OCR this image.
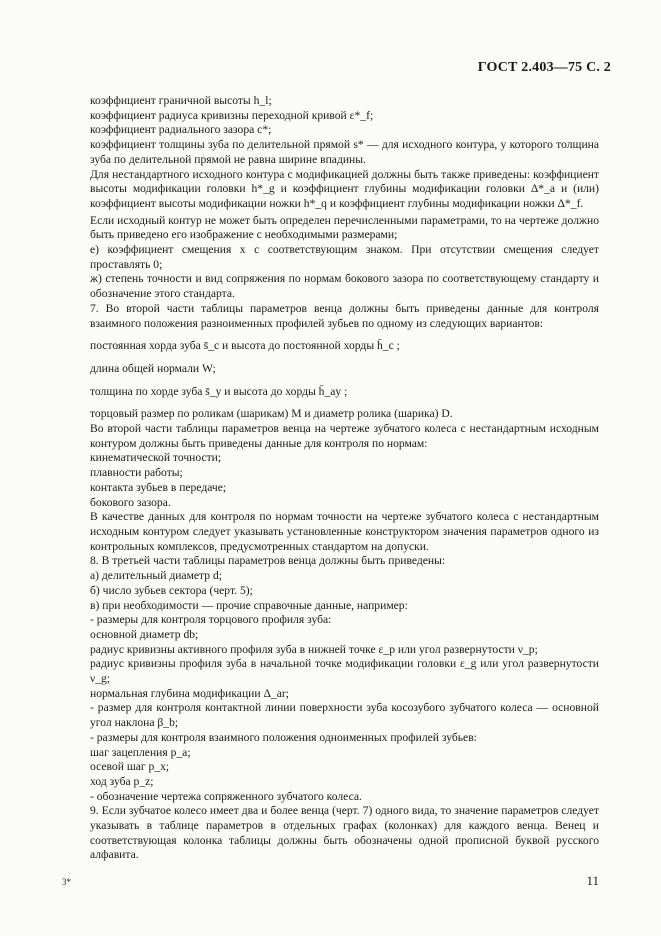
ГОСТ 2.403—75 С. 2

коэффициент граничной высоты h_l;

коэффициент радиуса кривизны переходной кривой ε*_f;

коэффициент радиального зазора c*;

коэффициент толщины зуба по делительной прямой s* — для исходного контура, у которого толщина зуба по делительной прямой не равна ширине впадины.

Для нестандартного исходного контура с модификацией должны быть также приведены: коэффициент высоты модификации головки h*_g и коэффициент глубины модификации головки Δ*_a и (или) коэффициент высоты модификации ножки h*_q и коэффициент глубины модификации ножки Δ*_f.

Если исходный контур не может быть определен перечисленными параметрами, то на чертеже должно быть приведено его изображение с необходимыми размерами;

е) коэффициент смещения x с соответствующим знаком. При отсутствии смещения следует проставлять 0;

ж) степень точности и вид сопряжения по нормам бокового зазора по соответствующему стандарту и обозначение этого стандарта.

7. Во второй части таблицы параметров венца должны быть приведены данные для контроля взаимного положения разноименных профилей зубьев по одному из следующих вариантов:

постоянная хорда зуба s̄_c и высота до постоянной хорды h̄_c ;

длина общей нормали W;

толщина по хорде зуба s̄_y и высота до хорды h̄_ay ;

торцовый размер по роликам (шарикам) M и диаметр ролика (шарика) D.

Во второй части таблицы параметров венца на чертеже зубчатого колеса с нестандартным исходным контуром должны быть приведены данные для контроля по нормам:

кинематической точности;

плавности работы;

контакта зубьев в передаче;

бокового зазора.

В качестве данных для контроля по нормам точности на чертеже зубчатого колеса с нестандартным исходным контуром следует указывать установленные конструктором значения параметров одного из контрольных комплексов, предусмотренных стандартом на допуски.

8. В третьей части таблицы параметров венца должны быть приведены:

а) делительный диаметр d;

б) число зубьев сектора (черт. 5);

в) при необходимости — прочие справочные данные, например:

- размеры для контроля торцового профиля зуба:

основной диаметр db;

радиус кривизны активного профиля зуба в нижней точке ε_p или угол развернутости ν_p;

радиус кривизны профиля зуба в начальной точке модификации головки ε_g или угол развернутости ν_g;

нормальная глубина модификации Δ_ar;

- размер для контроля контактной линии поверхности зуба косозубого зубчатого колеса — основной угол наклона β_b;

- размеры для контроля взаимного положения одноименных профилей зубьев:

шаг зацепления p_a;

осевой шаг p_x;

ход зуба p_z;

- обозначение чертежа сопряженного зубчатого колеса.

9. Если зубчатое колесо имеет два и более венца (черт. 7) одного вида, то значение параметров следует указывать в таблице параметров в отдельных графах (колонках) для каждого венца. Венец и соответствующая колонка таблицы должны быть обозначены одной прописной буквой русского алфавита.

3*	11
